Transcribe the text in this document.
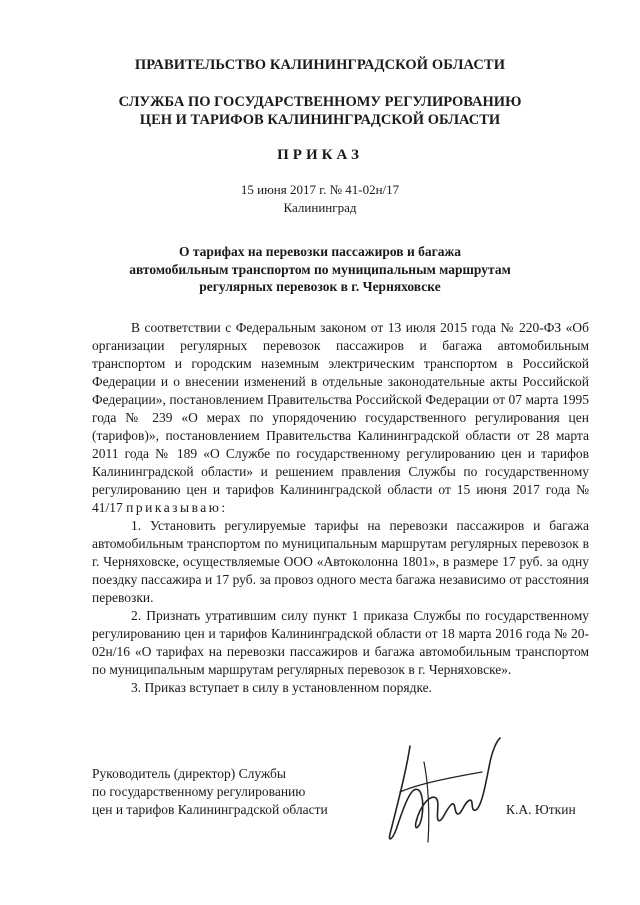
ПРАВИТЕЛЬСТВО КАЛИНИНГРАДСКОЙ ОБЛАСТИ
СЛУЖБА ПО ГОСУДАРСТВЕННОМУ РЕГУЛИРОВАНИЮ
ЦЕН И ТАРИФОВ КАЛИНИНГРАДСКОЙ ОБЛАСТИ
ПРИКАЗ
15 июня 2017 г. № 41-02н/17
Калининград
О тарифах на перевозки пассажиров и багажа
автомобильным транспортом по муниципальным маршрутам
регулярных перевозок в г. Черняховске

В соответствии с Федеральным законом от 13 июля 2015 года № 220-ФЗ «Об организации регулярных перевозок пассажиров и багажа автомобильным транспортом и городским наземным электрическим транспортом в Российской Федерации и о внесении изменений в отдельные законодательные акты Российской Федерации», постановлением Правительства Российской Федерации от 07 марта 1995 года № 239 «О мерах по упорядочению государственного регулирования цен (тарифов)», постановлением Правительства Калининградской области от 28 марта 2011 года № 189 «О Службе по государственному регулированию цен и тарифов Калининградской области» и решением правления Службы по государственному регулированию цен и тарифов Калининградской области от 15 июня 2017 года № 41/17 приказываю:

1. Установить регулируемые тарифы на перевозки пассажиров и багажа автомобильным транспортом по муниципальным маршрутам регулярных перевозок в г. Черняховске, осуществляемые ООО «Автоколонна 1801», в размере 17 руб. за одну поездку пассажира и 17 руб. за провоз одного места багажа независимо от расстояния перевозки.

2. Признать утратившим силу пункт 1 приказа Службы по государственному регулированию цен и тарифов Калининградской области от 18 марта 2016 года № 20-02н/16 «О тарифах на перевозки пассажиров и багажа автомобильным транспортом по муниципальным маршрутам регулярных перевозок в г. Черняховске».

3. Приказ вступает в силу в установленном порядке.

Руководитель (директор) Службы
по государственному регулированию
цен и тарифов Калининградской области	К.А. Юткин
